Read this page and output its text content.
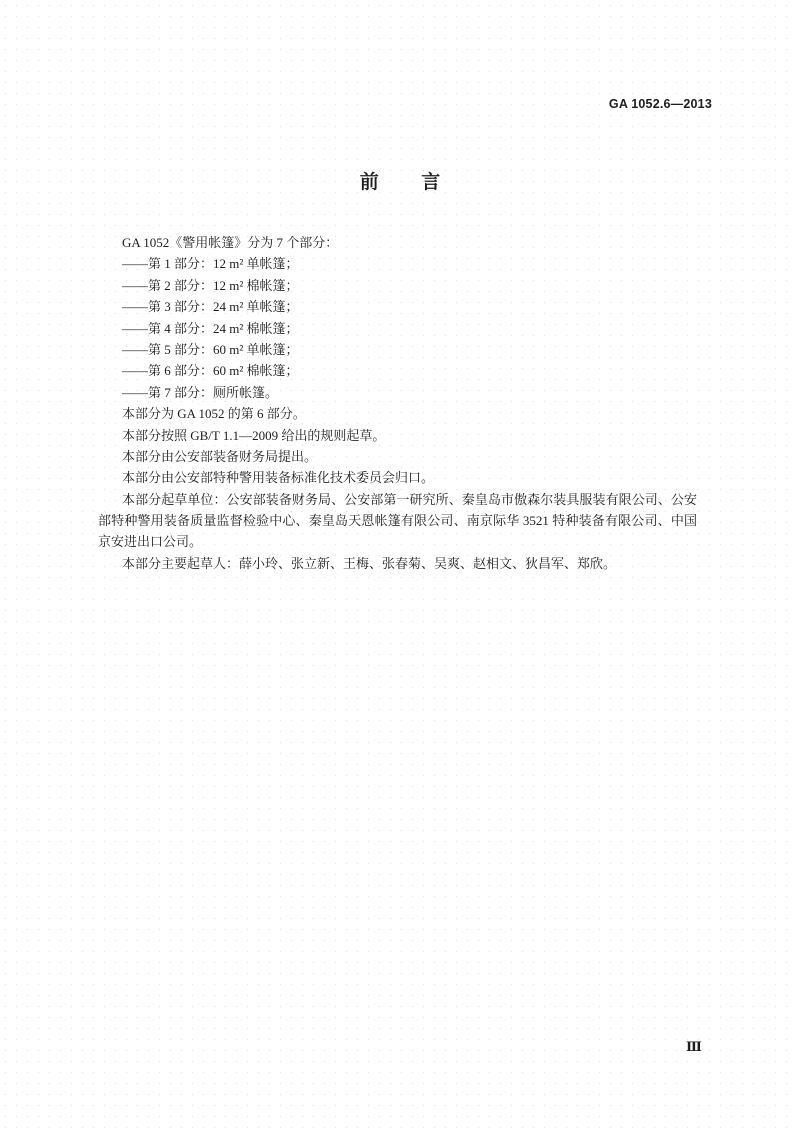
GA 1052.6—2013
前 言
GA 1052《警用帐篷》分为 7 个部分：
——第 1 部分：12 m² 单帐篷；
——第 2 部分：12 m² 棉帐篷；
——第 3 部分：24 m² 单帐篷；
——第 4 部分：24 m² 棉帐篷；
——第 5 部分：60 m² 单帐篷；
——第 6 部分：60 m² 棉帐篷；
——第 7 部分：厕所帐篷。
本部分为 GA 1052 的第 6 部分。
本部分按照 GB/T 1.1—2009 给出的规则起草。
本部分由公安部装备财务局提出。
本部分由公安部特种警用装备标准化技术委员会归口。
本部分起草单位：公安部装备财务局、公安部第一研究所、秦皇岛市傲森尔装具服装有限公司、公安
部特种警用装备质量监督检验中心、秦皇岛天恩帐篷有限公司、南京际华 3521 特种装备有限公司、中国
京安进出口公司。
本部分主要起草人：薛小玲、张立新、王梅、张春菊、吴爽、赵相文、狄昌军、郑欣。
Ⅲ
